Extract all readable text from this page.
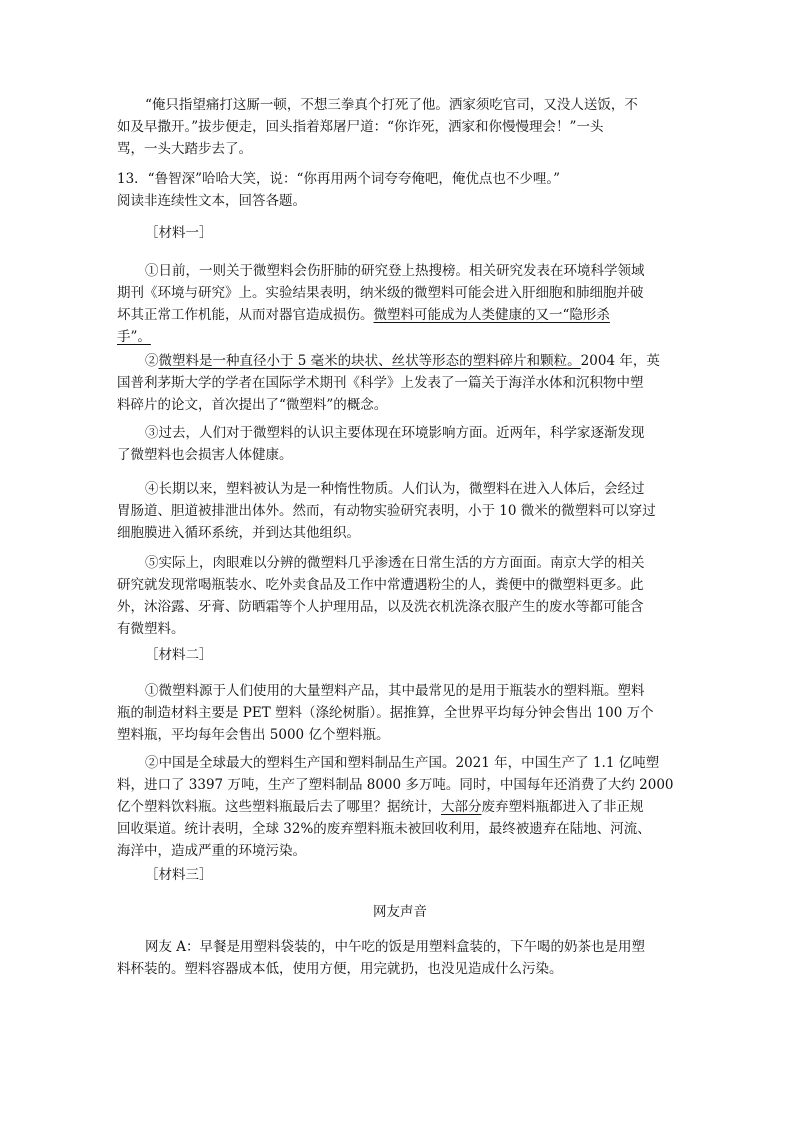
“俺只指望痛打这厮一顿，不想三拳真个打死了他。洒家须吃官司，又没人送饭，不
如及早撒开。”拔步便走，回头指着郑屠尸道：“你诈死，洒家和你慢慢理会！”一头
骂，一头大踏步去了。

13．“鲁智深”哈哈大笑，说：“你再用两个词夸夸俺吧，俺优点也不少哩。”
阅读非连续性文本，回答各题。

［材料一］

①日前，一则关于微塑料会伤肝肺的研究登上热搜榜。相关研究发表在环境科学领域
期刊《环境与研究》上。实验结果表明，纳米级的微塑料可能会进入肝细胞和肺细胞并破
坏其正常工作机能，从而对器官造成损伤。微塑料可能成为人类健康的又一“隐形杀
手”。

②微塑料是一种直径小于 5 毫米的块状、丝状等形态的塑料碎片和颗粒。2004 年，英
国普利茅斯大学的学者在国际学术期刊《科学》上发表了一篇关于海洋水体和沉积物中塑
料碎片的论文，首次提出了“微塑料”的概念。

③过去，人们对于微塑料的认识主要体现在环境影响方面。近两年，科学家逐渐发现
了微塑料也会损害人体健康。

④长期以来，塑料被认为是一种惰性物质。人们认为，微塑料在进入人体后，会经过
胃肠道、胆道被排泄出体外。然而，有动物实验研究表明，小于 10 微米的微塑料可以穿过
细胞膜进入循环系统，并到达其他组织。

⑤实际上，肉眼难以分辨的微塑料几乎渗透在日常生活的方方面面。南京大学的相关
研究就发现常喝瓶装水、吃外卖食品及工作中常遭遇粉尘的人，粪便中的微塑料更多。此
外，沐浴露、牙膏、防晒霜等个人护理用品，以及洗衣机洗涤衣服产生的废水等都可能含
有微塑料。

［材料二］

①微塑料源于人们使用的大量塑料产品，其中最常见的是用于瓶装水的塑料瓶。塑料
瓶的制造材料主要是 PET 塑料（涤纶树脂）。据推算，全世界平均每分钟会售出 100 万个
塑料瓶，平均每年会售出 5000 亿个塑料瓶。

②中国是全球最大的塑料生产国和塑料制品生产国。2021 年，中国生产了 1.1 亿吨塑
料，进口了 3397 万吨，生产了塑料制品 8000 多万吨。同时，中国每年还消费了大约 2000
亿个塑料饮料瓶。这些塑料瓶最后去了哪里？据统计，大部分废弃塑料瓶都进入了非正规
回收渠道。统计表明，全球 32%的废弃塑料瓶未被回收利用，最终被遗弃在陆地、河流、
海洋中，造成严重的环境污染。

［材料三］

网友声音

网友 A：早餐是用塑料袋装的，中午吃的饭是用塑料盒装的，下午喝的奶茶也是用塑
料杯装的。塑料容器成本低，使用方便，用完就扔，也没见造成什么污染。
